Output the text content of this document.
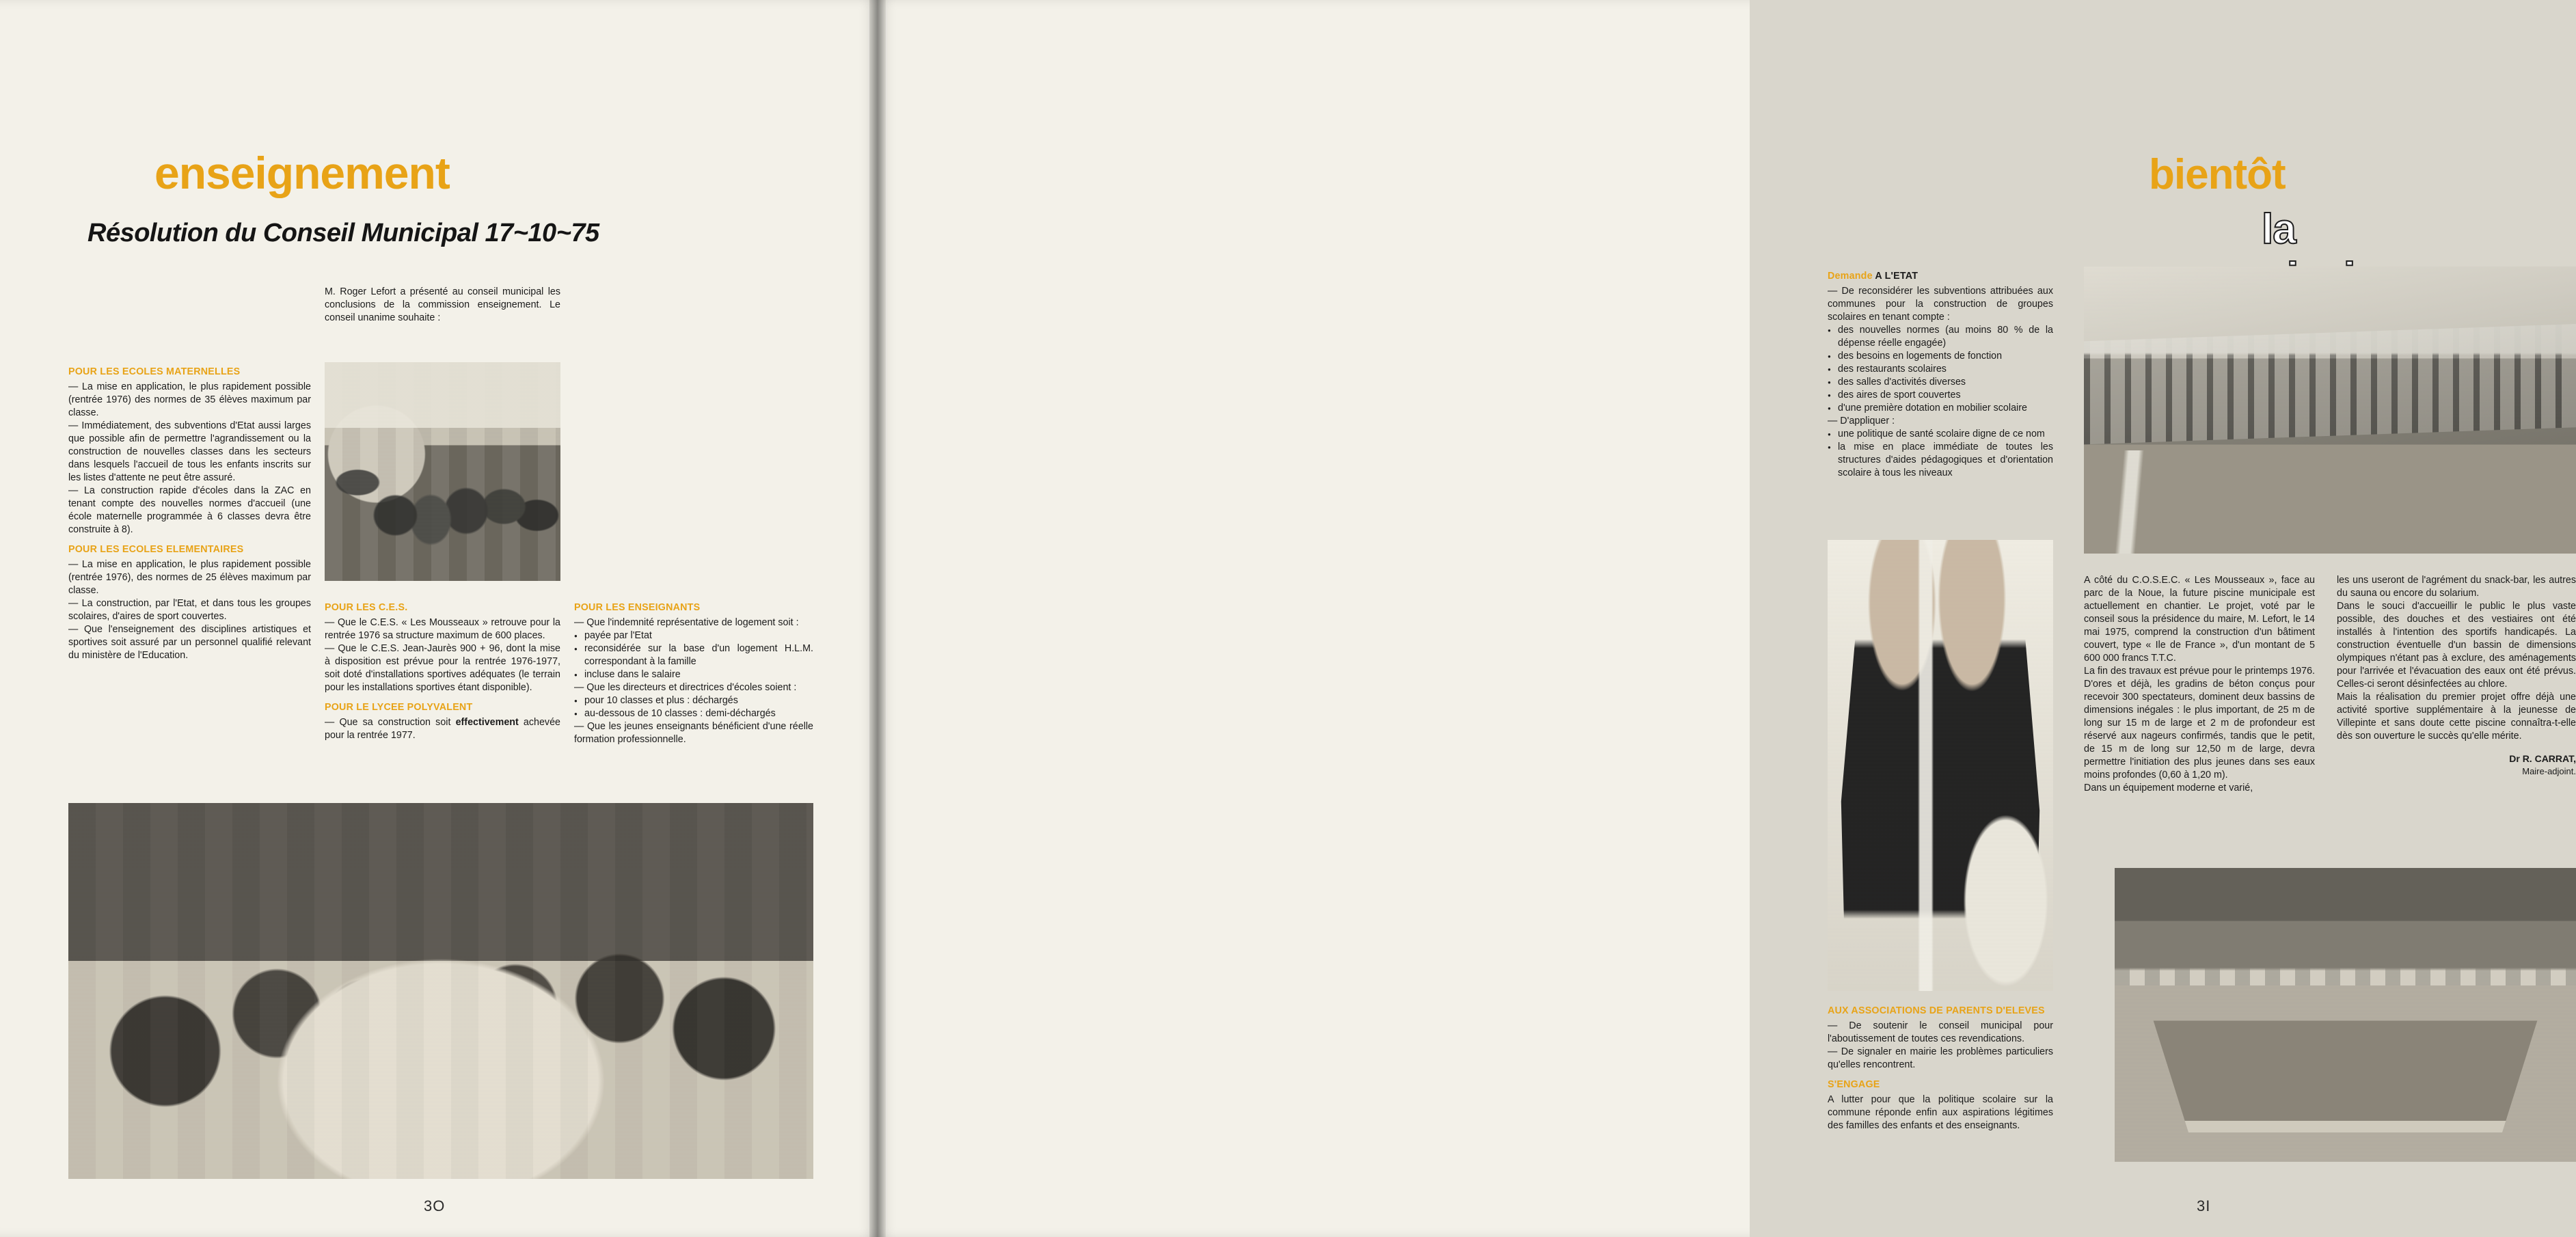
enseignement
Résolution du Conseil Municipal 17~10~75

M. Roger Lefort a présenté au conseil municipal les conclusions de la commission enseignement. Le conseil unanime souhaite :

POUR LES ECOLES MATERNELLES

— La mise en application, le plus rapidement possible (rentrée 1976) des normes de 35 élèves maximum par classe.

— Immédiatement, des subventions d'Etat aussi larges que possible afin de permettre l'agrandissement ou la construction de nouvelles classes dans les secteurs dans lesquels l'accueil de tous les enfants inscrits sur les listes d'attente ne peut être assuré.

— La construction rapide d'écoles dans la ZAC en tenant compte des nouvelles normes d'accueil (une école maternelle programmée à 6 classes devra être construite à 8).

POUR LES ECOLES ELEMENTAIRES

— La mise en application, le plus rapidement possible (rentrée 1976), des normes de 25 élèves maximum par classe.

— La construction, par l'Etat, et dans tous les groupes scolaires, d'aires de sport couvertes.

— Que l'enseignement des disciplines artistiques et sportives soit assuré par un personnel qualifié relevant du ministère de l'Education.

POUR LES C.E.S.

— Que le C.E.S. « Les Mousseaux » retrouve pour la rentrée 1976 sa structure maximum de 600 places.

— Que le C.E.S. Jean-Jaurès 900 + 96, dont la mise à disposition est prévue pour la rentrée 1976-1977, soit doté d'installations sportives adéquates (le terrain pour les installations sportives étant disponible).

POUR LE LYCEE POLYVALENT

— Que sa construction soit effectivement achevée pour la rentrée 1977.

POUR LES ENSEIGNANTS

— Que l'indemnité représentative de logement soit :

● payée par l'Etat
● reconsidérée sur la base d'un logement H.L.M. correspondant à la famille
● incluse dans le salaire

— Que les directeurs et directrices d'écoles soient :

● pour 10 classes et plus : déchargés
● au-dessous de 10 classes : demi-déchargés

— Que les jeunes enseignants bénéficient d'une réelle formation professionnelle.

3O
bientôt
la
Demande A L'ETAT

— De reconsidérer les subventions attribuées aux communes pour la construction de groupes scolaires en tenant compte :

● des nouvelles normes (au moins 80 % de la dépense réelle engagée)
● des besoins en logements de fonction
● des restaurants scolaires
● des salles d'activités diverses
● des aires de sport couvertes
● d'une première dotation en mobilier scolaire

— D'appliquer :

● une politique de santé scolaire digne de ce nom
● la mise en place immédiate de toutes les structures d'aides pédagogiques et d'orientation scolaire à tous les niveaux
AUX ASSOCIATIONS DE PARENTS D'ELEVES

— De soutenir le conseil municipal pour l'aboutissement de toutes ces revendications.

— De signaler en mairie les problèmes particuliers qu'elles rencontrent.

S'ENGAGE

A lutter pour que la politique scolaire sur la commune réponde enfin aux aspirations légitimes des familles des enfants et des enseignants.

A côté du C.O.S.E.C. « Les Mousseaux », face au parc de la Noue, la future piscine municipale est actuellement en chantier. Le projet, voté par le conseil sous la présidence du maire, M. Lefort, le 14 mai 1975, comprend la construction d'un bâtiment couvert, type « Ile de France », d'un montant de 5 600 000 francs T.T.C.

La fin des travaux est prévue pour le printemps 1976. D'ores et déjà, les gradins de béton conçus pour recevoir 300 spectateurs, dominent deux bassins de dimensions inégales : le plus important, de 25 m de long sur 15 m de large et 2 m de profondeur est réservé aux nageurs confirmés, tandis que le petit, de 15 m de long sur 12,50 m de large, devra permettre l'initiation des plus jeunes dans ses eaux moins profondes (0,60 à 1,20 m).

Dans un équipement moderne et varié,

les uns useront de l'agrément du snack-bar, les autres du sauna ou encore du solarium.

Dans le souci d'accueillir le public le plus vaste possible, des douches et des vestiaires ont été installés à l'intention des sportifs handicapés. La construction éventuelle d'un bassin de dimensions olympiques n'étant pas à exclure, des aménagements pour l'arrivée et l'évacuation des eaux ont été prévus. Celles-ci seront désinfectées au chlore.

Mais la réalisation du premier projet offre déjà une activité sportive supplémentaire à la jeunesse de Villepinte et sans doute cette piscine connaîtra-t-elle dès son ouverture le succès qu'elle mérite.

Dr R. CARRAT,
Maire-adjoint.
3I
